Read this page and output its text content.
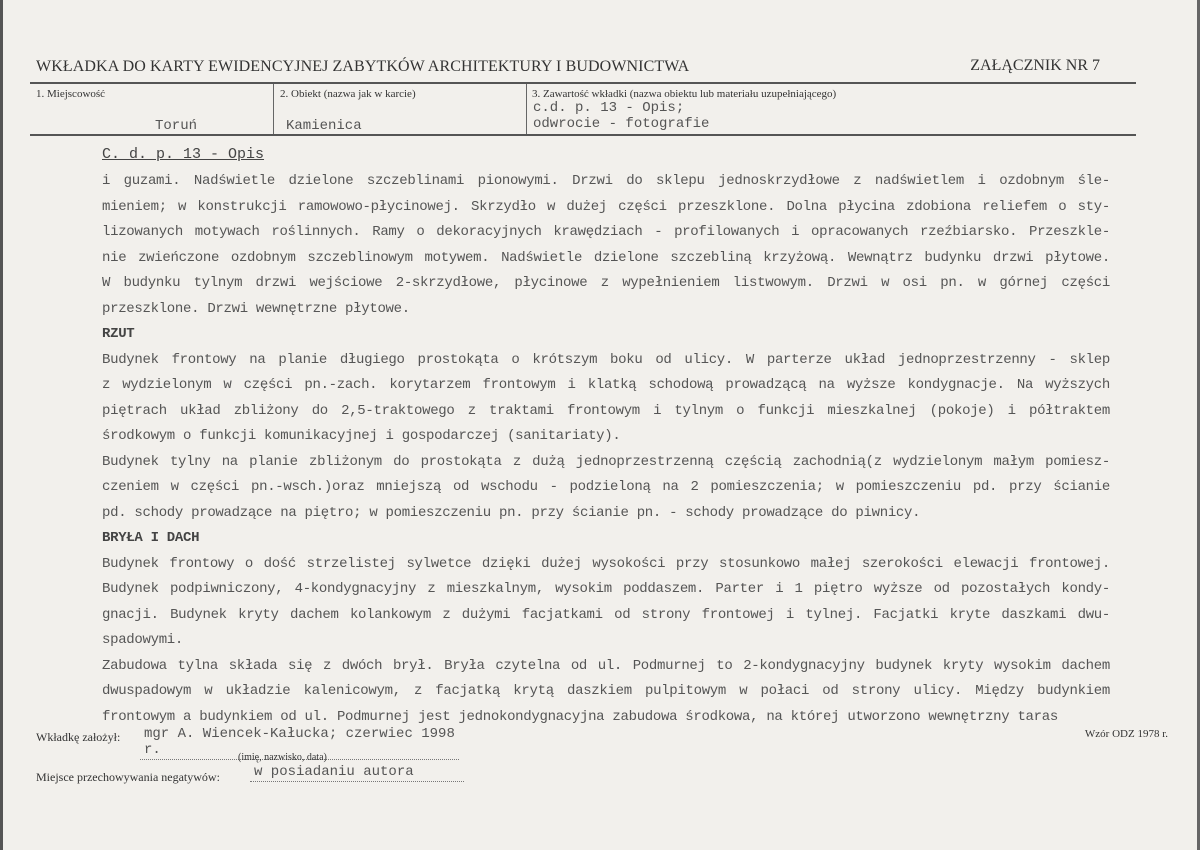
WKŁADKA DO KARTY EWIDENCYJNEJ ZABYTKÓW ARCHITEKTURY I BUDOWNICTWA	ZAŁĄCZNIK NR 7
1. Miejscowość
Toruń
2. Obiekt (nazwa jak w karcie)
Kamienica
3. Zawartość wkładki (nazwa obiektu lub materiału uzupełniającego)
c.d. p. 13 - Opis;
odwrocie - fotografie
C. d. p. 13 - Opis
i guzami. Nadświetle dzielone szczeblinami pionowymi. Drzwi do sklepu jednoskrzydłowe z nadświetlem i ozdobnym śle-
mieniem; w konstrukcji ramowowo-płycinowej. Skrzydło w dużej części przeszklone. Dolna płycina zdobiona reliefem o sty-
lizowanych motywach roślinnych. Ramy o dekoracyjnych krawędziach - profilowanych i opracowanych rzeźbiarsko. Przeszkle-
nie zwieńczone ozdobnym szczeblinowym motywem. Nadświetle dzielone szczebliną krzyżową. Wewnątrz budynku drzwi płytowe.
W budynku tylnym drzwi wejściowe 2-skrzydłowe, płycinowe z wypełnieniem listwowym. Drzwi w osi pn. w górnej części
przeszklone. Drzwi wewnętrzne płytowe.
RZUT
Budynek frontowy na planie długiego prostokąta o krótszym boku od ulicy. W parterze układ jednoprzestrzenny - sklep
z wydzielonym w części pn.-zach. korytarzem frontowym i klatką schodową prowadzącą na wyższe kondygnacje. Na wyższych
piętrach układ zbliżony do 2,5-traktowego z traktami frontowym i tylnym o funkcji mieszkalnej (pokoje) i półtraktem
środkowym o funkcji komunikacyjnej i gospodarczej (sanitariaty).
Budynek tylny na planie zbliżonym do prostokąta z dużą jednoprzestrzenną częścią zachodnią(z wydzielonym małym pomiesz-
czeniem w części pn.-wsch.)oraz mniejszą od wschodu - podzieloną na 2 pomieszczenia; w pomieszczeniu pd. przy ścianie
pd. schody prowadzące na piętro; w pomieszczeniu pn. przy ścianie pn. - schody prowadzące do piwnicy.
BRYŁA I DACH
Budynek frontowy o dość strzelistej sylwetce dzięki dużej wysokości przy stosunkowo małej szerokości elewacji frontowej.
Budynek podpiwniczony, 4-kondygnacyjny z mieszkalnym, wysokim poddaszem. Parter i 1 piętro wyższe od pozostałych kondy-
gnacji. Budynek kryty dachem kolankowym z dużymi facjatkami od strony frontowej i tylnej. Facjatki kryte daszkami dwu-
spadowymi.
Zabudowa tylna składa się z dwóch brył. Bryła czytelna od ul. Podmurnej to 2-kondygnacyjny budynek kryty wysokim dachem
dwuspadowym w układzie kalenicowym, z facjatką krytą daszkiem pulpitowym w połaci od strony ulicy. Między budynkiem
frontowym a budynkiem od ul. Podmurnej jest jednokondygnacyjna zabudowa środkowa, na której utworzono wewnętrzny taras
Wkładkę założył: mgr A. Wiencek-Kałucka; czerwiec 1998 r.	(imię, nazwisko, data)
Miejsce przechowywania negatywów: w posiadaniu autora
Wzór ODZ 1978 r.
